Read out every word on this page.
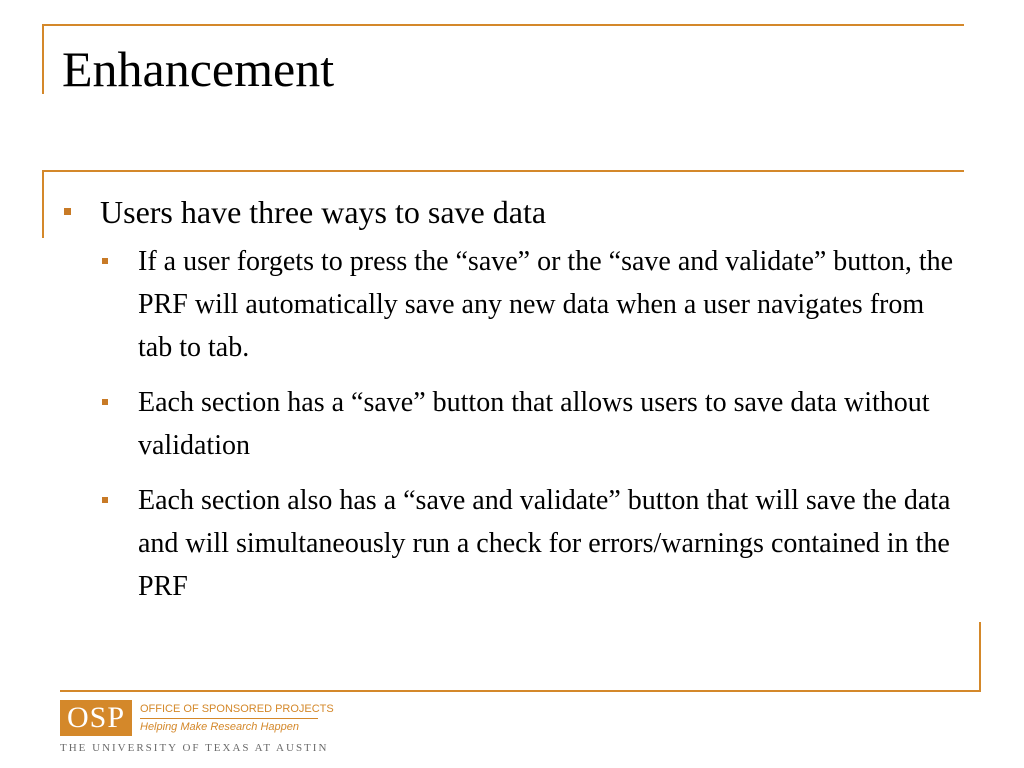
Enhancement
Users have three ways to save data
If a user forgets to press the “save” or the “save and validate” button, the PRF will automatically save any new data when a user navigates from tab to tab.
Each section has a “save” button that allows users to save data without validation
Each section also has a “save and validate” button that will save the data and will simultaneously run a check for errors/warnings contained in the PRF
OSP	OFFICE OF SPONSORED PROJECTS
Helping Make Research Happen
THE UNIVERSITY OF TEXAS AT AUSTIN
